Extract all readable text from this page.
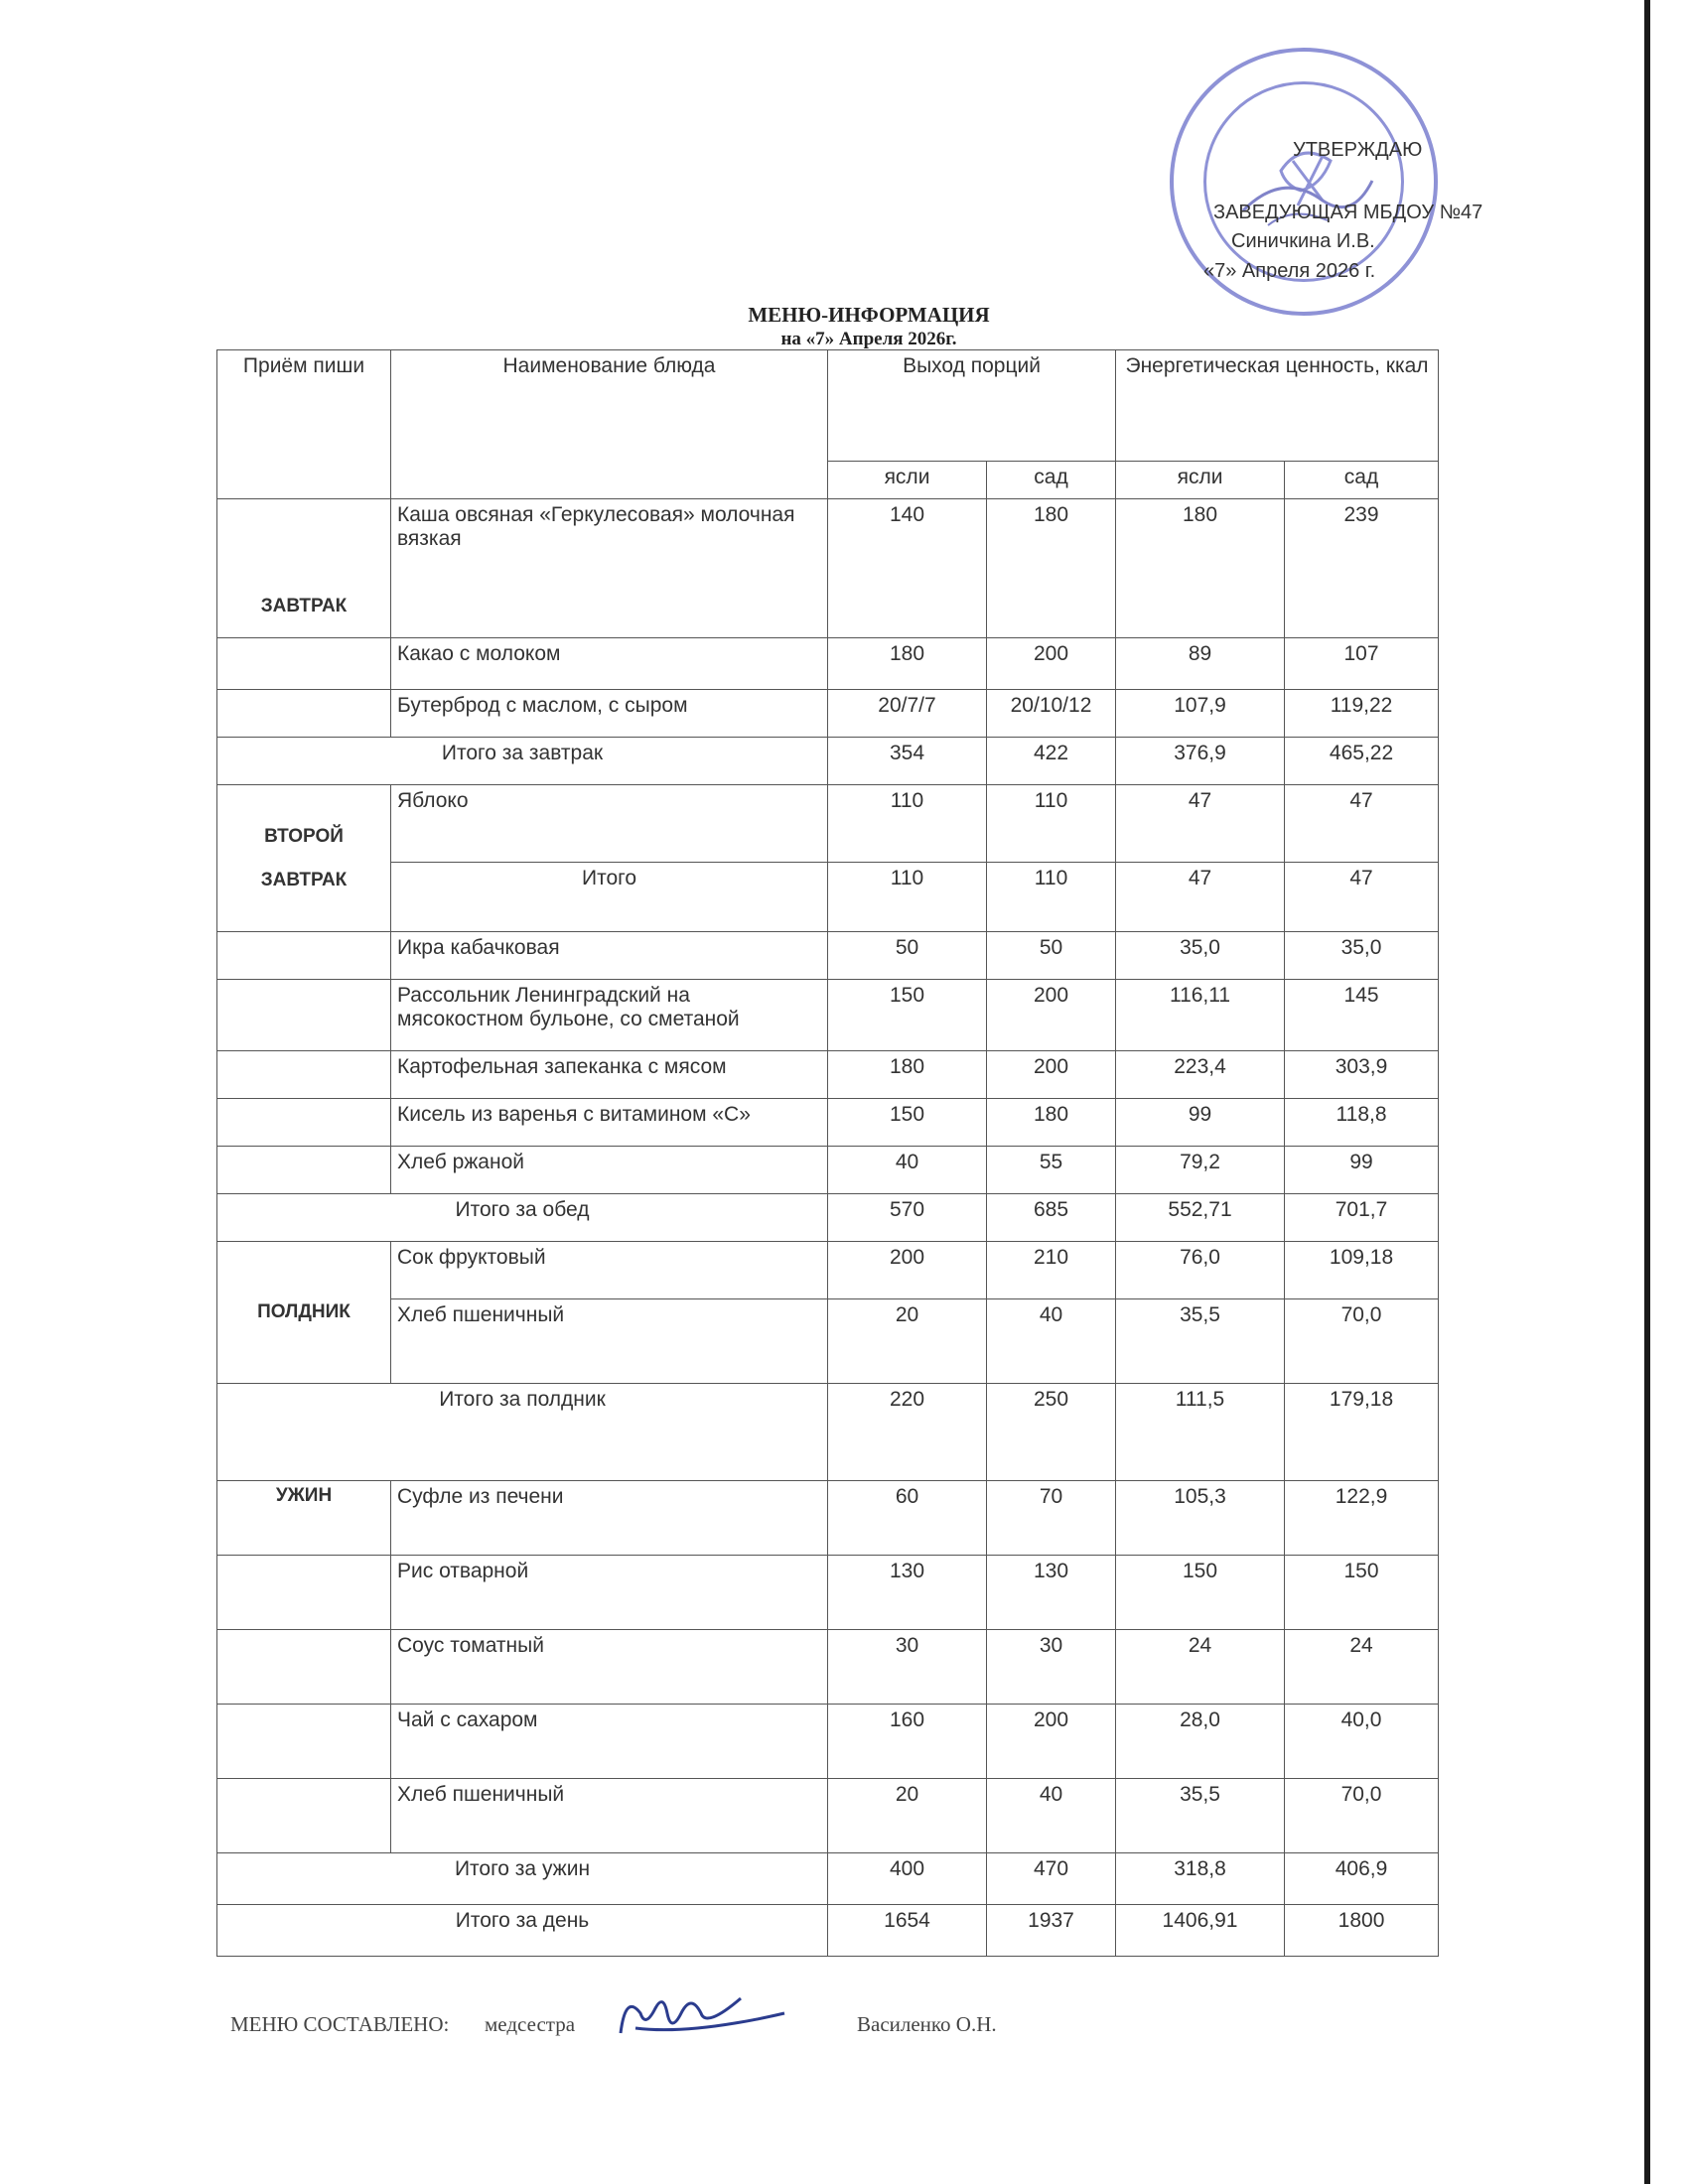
УТВЕРЖДАЮ
ЗАВЕДУЮЩАЯ МБДОУ №47
Синичкина И.В.
«7» Апреля 2026 г.
МЕНЮ-ИНФОРМАЦИЯ
на «7» Апреля 2026г.
Приём пиши	Наименование блюда	Выход порций		Энергетическая ценность, ккал	
		ясли	сад	ясли	сад
ЗАВТРАК	Каша овсяная «Геркулесовая» молочная вязкая	140	180	180	239
	Какао с молоком	180	200	89	107
	Бутерброд с маслом, с сыром	20/7/7	20/10/12	107,9	119,22
Итого за завтрак		354	422	376,9	465,22

ВТОРОЙ
ЗАВТРАК	Яблоко	110	110	47	47
	Итого	110	110	47	47
	Икра кабачковая	50	50	35,0	35,0
	Рассольник Ленинградский на мясокостном бульоне, со сметаной	150	200	116,11	145
	Картофельная запеканка с мясом	180	200	223,4	303,9
	Кисель из варенья с витамином «С»	150	180	99	118,8
	Хлеб ржаной	40	55	79,2	99
Итого за обед		570	685	552,71	701,7
ПОЛДНИК	Сок фруктовый	200	210	76,0	109,18
	Хлеб пшеничный	20	40	35,5	70,0
Итого за полдник		220	250	111,5	179,18
УЖИН	Суфле из печени	60	70	105,3	122,9
	Рис отварной	130	130	150	150
	Соус томатный	30	30	24	24
	Чай с сахаром	160	200	28,0	40,0
	Хлеб пшеничный	20	40	35,5	70,0
Итого за ужин		400	470	318,8	406,9
Итого за день		1654	1937	1406,91	1800
МЕНЮ СОСТАВЛЕНО: медсестра	Василенко О.Н.
